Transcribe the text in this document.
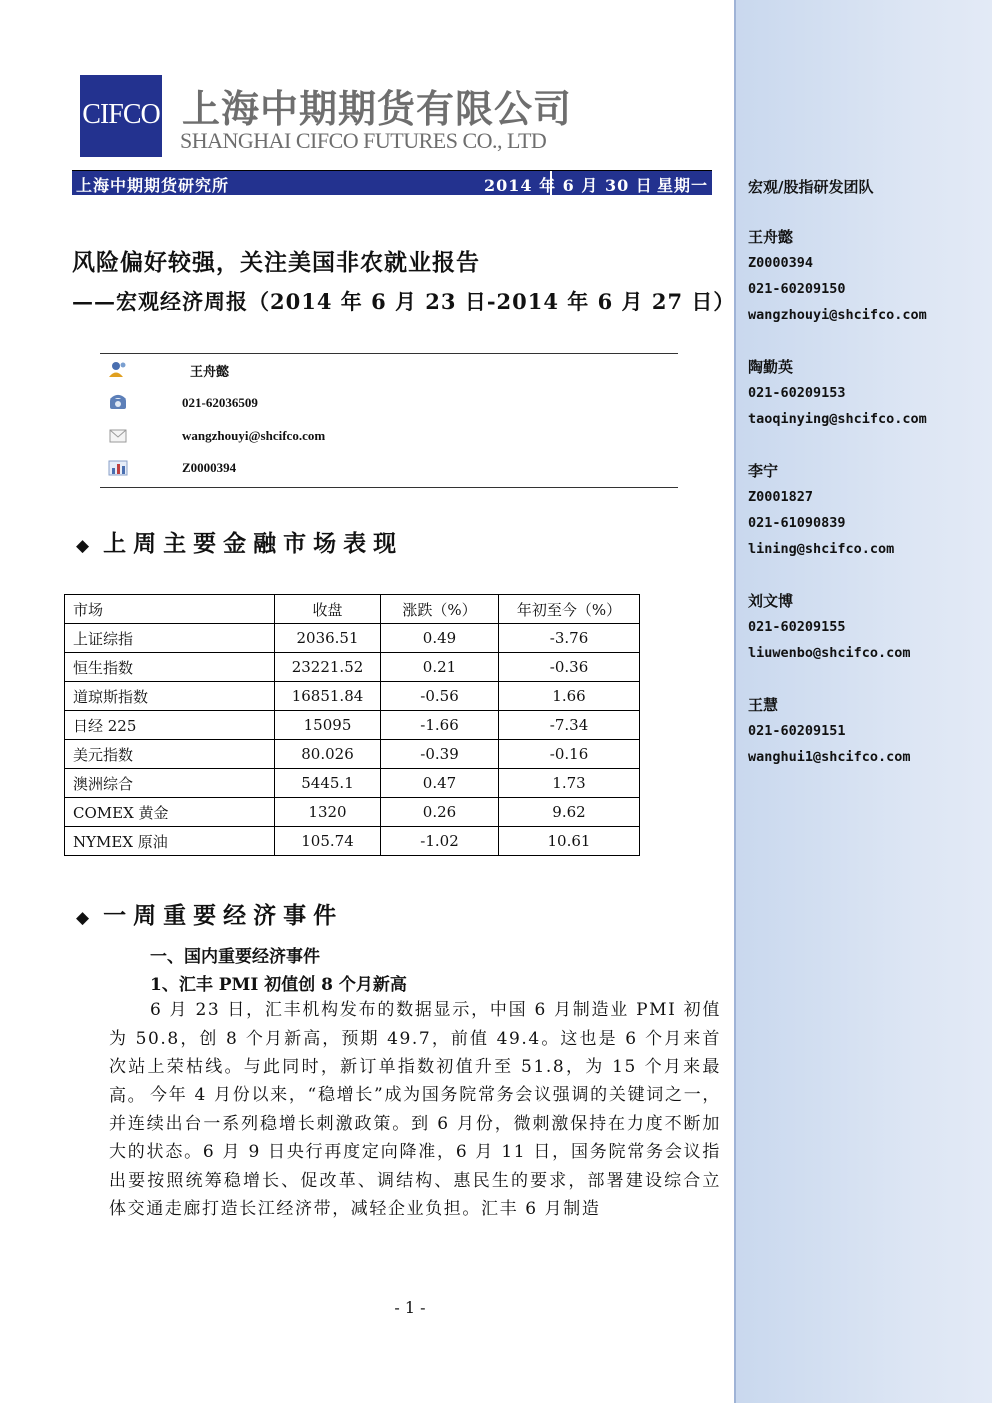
宏观/股指研发团队
王舟懿
Z0000394
021-60209150
wangzhouyi@shcifco.com
陶勤英
021-60209153
taoqinying@shcifco.com
李宁
Z0001827
021-61090839
lining@shcifco.com
刘文博
021-60209155
liuwenbo@shcifco.com
王慧
021-60209151
wanghui1@shcifco.com
CIFCO 上海中期期货有限公司
SHANGHAI CIFCO FUTURES CO., LTD
上海中期期货研究所	2014 年 6 月 30 日 星期一
风险偏好较强，关注美国非农就业报告
——宏观经济周报（2014 年 6 月 23 日-2014 年 6 月 27 日）
王舟懿
021-62036509
wangzhouyi@shcifco.com
Z0000394
◆ 上周主要金融市场表现
市场	收盘	涨跌（%）	年初至今（%）
上证综指	2036.51	0.49	-3.76
恒生指数	23221.52	0.21	-0.36
道琼斯指数	16851.84	-0.56	1.66
日经 225	15095	-1.66	-7.34
美元指数	80.026	-0.39	-0.16
澳洲综合	5445.1	0.47	1.73
COMEX 黄金	1320	0.26	9.62
NYMEX 原油	105.74	-1.02	10.61
◆ 一周重要经济事件
一、国内重要经济事件
1、汇丰 PMI 初值创 8 个月新高
6 月 23 日，汇丰机构发布的数据显示，中国 6 月制造业 PMI 初值为 50.8，创 8 个月新高，预期 49.7，前值 49.4。这也是 6 个月来首次站上荣枯线。与此同时，新订单指数初值升至 51.8，为 15 个月来最高。 今年 4 月份以来，“稳增长”成为国务院常务会议强调的关键词之一，并连续出台一系列稳增长刺激政策。到 6 月份，微刺激保持在力度不断加大的状态。6 月 9 日央行再度定向降准，6 月 11 日，国务院常务会议指出要按照统筹稳增长、促改革、调结构、惠民生的要求，部署建设综合立体交通走廊打造长江经济带，减轻企业负担。汇丰 6 月制造
- 1 -
